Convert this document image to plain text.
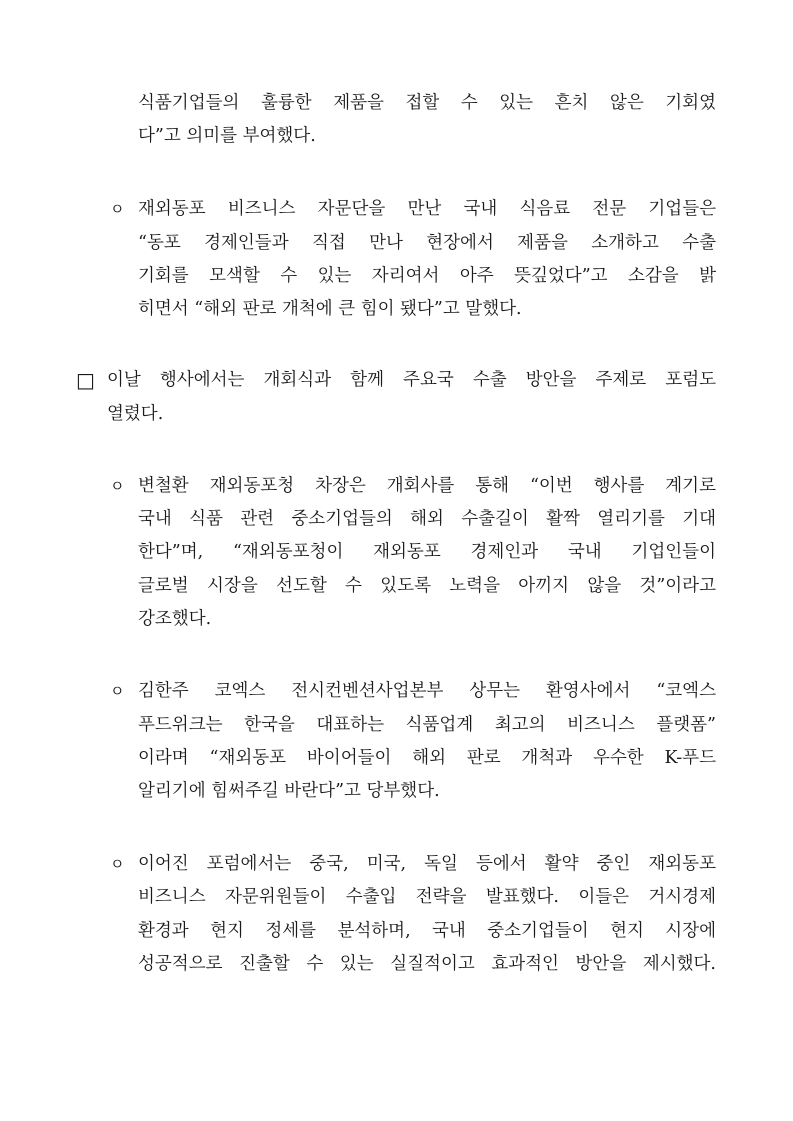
식품기업들의 훌륭한 제품을 접할 수 있는 흔치 않은 기회였
다”고 의미를 부여했다.
ㅇ 재외동포 비즈니스 자문단을 만난 국내 식음료 전문 기업들은
“동포 경제인들과 직접 만나 현장에서 제품을 소개하고 수출
기회를 모색할 수 있는 자리여서 아주 뜻깊었다”고 소감을 밝
히면서 “해외 판로 개척에 큰 힘이 됐다”고 말했다.
□ 이날 행사에서는 개회식과 함께 주요국 수출 방안을 주제로 포럼도
열렸다.
ㅇ 변철환 재외동포청 차장은 개회사를 통해 “이번 행사를 계기로
국내 식품 관련 중소기업들의 해외 수출길이 활짝 열리기를 기대
한다”며, “재외동포청이 재외동포 경제인과 국내 기업인들이
글로벌 시장을 선도할 수 있도록 노력을 아끼지 않을 것”이라고
강조했다.
ㅇ 김한주 코엑스 전시컨벤션사업본부 상무는 환영사에서 “코엑스
푸드위크는 한국을 대표하는 식품업계 최고의 비즈니스 플랫폼”
이라며 “재외동포 바이어들이 해외 판로 개척과 우수한 K-푸드
알리기에 힘써주길 바란다”고 당부했다.
ㅇ 이어진 포럼에서는 중국, 미국, 독일 등에서 활약 중인 재외동포
비즈니스 자문위원들이 수출입 전략을 발표했다. 이들은 거시경제
환경과 현지 정세를 분석하며, 국내 중소기업들이 현지 시장에
성공적으로 진출할 수 있는 실질적이고 효과적인 방안을 제시했다.
